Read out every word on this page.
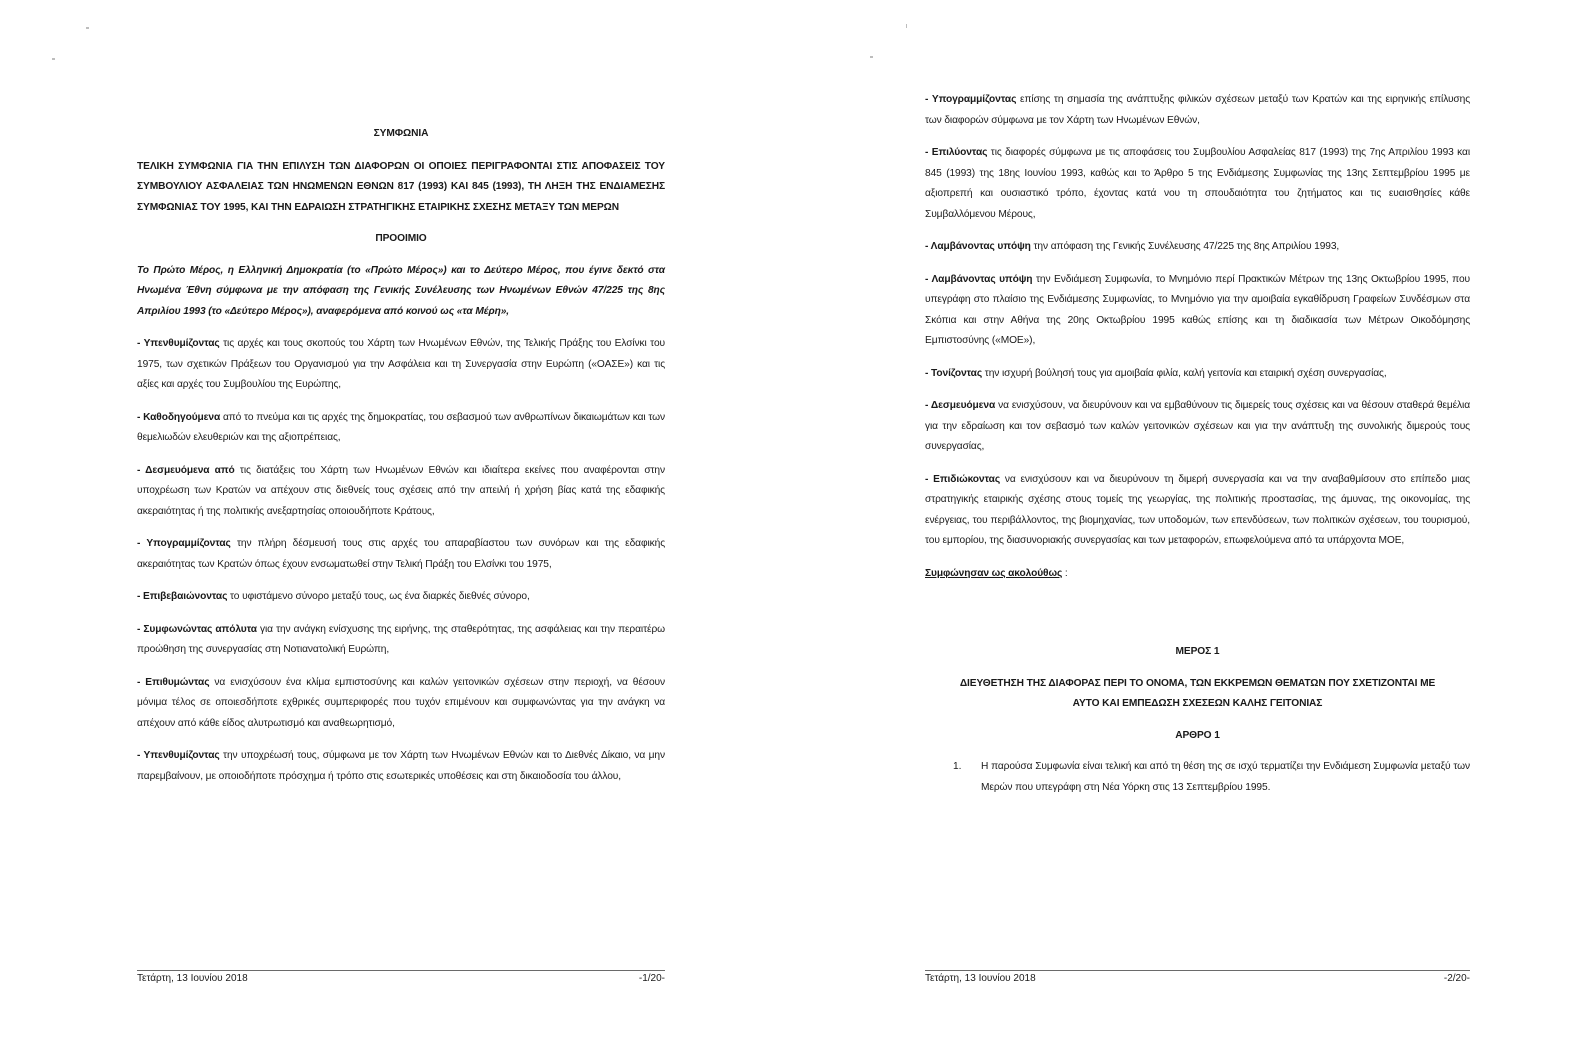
ΣΥΜΦΩΝΙΑ

ΤΕΛΙΚΗ ΣΥΜΦΩΝΙΑ ΓΙΑ ΤΗΝ ΕΠΙΛΥΣΗ ΤΩΝ ΔΙΑΦΟΡΩΝ ΟΙ ΟΠΟΙΕΣ ΠΕΡΙΓΡΑΦΟΝΤΑΙ ΣΤΙΣ ΑΠΟΦΑΣΕΙΣ ΤΟΥ ΣΥΜΒΟΥΛΙΟΥ ΑΣΦΑΛΕΙΑΣ ΤΩΝ ΗΝΩΜΕΝΩΝ ΕΘΝΩΝ 817 (1993) ΚΑΙ 845 (1993), ΤΗ ΛΗΞΗ ΤΗΣ ΕΝΔΙΑΜΕΣΗΣ ΣΥΜΦΩΝΙΑΣ ΤΟΥ 1995, ΚΑΙ ΤΗΝ ΕΔΡΑΙΩΣΗ ΣΤΡΑΤΗΓΙΚΗΣ ΕΤΑΙΡΙΚΗΣ ΣΧΕΣΗΣ ΜΕΤΑΞΥ ΤΩΝ ΜΕΡΩΝ

ΠΡΟΟΙΜΙΟ

Το Πρώτο Μέρος, η Ελληνική Δημοκρατία (το «Πρώτο Μέρος») και το Δεύτερο Μέρος, που έγινε δεκτό στα Ηνωμένα Έθνη σύμφωνα με την απόφαση της Γενικής Συνέλευσης των Ηνωμένων Εθνών 47/225 της 8ης Απριλίου 1993 (το «Δεύτερο Μέρος»), αναφερόμενα από κοινού ως «τα Μέρη»,

- Υπενθυμίζοντας τις αρχές και τους σκοπούς του Χάρτη των Ηνωμένων Εθνών, της Τελικής Πράξης του Ελσίνκι του 1975, των σχετικών Πράξεων του Οργανισμού για την Ασφάλεια και τη Συνεργασία στην Ευρώπη («ΟΑΣΕ») και τις αξίες και αρχές του Συμβουλίου της Ευρώπης,

- Καθοδηγούμενα από το πνεύμα και τις αρχές της δημοκρατίας, του σεβασμού των ανθρωπίνων δικαιωμάτων και των θεμελιωδών ελευθεριών και της αξιοπρέπειας,

- Δεσμευόμενα από τις διατάξεις του Χάρτη των Ηνωμένων Εθνών και ιδιαίτερα εκείνες που αναφέρονται στην υποχρέωση των Κρατών να απέχουν στις διεθνείς τους σχέσεις από την απειλή ή χρήση βίας κατά της εδαφικής ακεραιότητας ή της πολιτικής ανεξαρτησίας οποιουδήποτε Κράτους,

- Υπογραμμίζοντας την πλήρη δέσμευσή τους στις αρχές του απαραβίαστου των συνόρων και της εδαφικής ακεραιότητας των Κρατών όπως έχουν ενσωματωθεί στην Τελική Πράξη του Ελσίνκι του 1975,

- Επιβεβαιώνοντας το υφιστάμενο σύνορο μεταξύ τους, ως ένα διαρκές διεθνές σύνορο,

- Συμφωνώντας απόλυτα για την ανάγκη ενίσχυσης της ειρήνης, της σταθερότητας, της ασφάλειας και την περαιτέρω προώθηση της συνεργασίας στη Νοτιανατολική Ευρώπη,

- Επιθυμώντας να ενισχύσουν ένα κλίμα εμπιστοσύνης και καλών γειτονικών σχέσεων στην περιοχή, να θέσουν μόνιμα τέλος σε οποιεσδήποτε εχθρικές συμπεριφορές που τυχόν επιμένουν και συμφωνώντας για την ανάγκη να απέχουν από κάθε είδος αλυτρωτισμό και αναθεωρητισμό,

- Υπενθυμίζοντας την υποχρέωσή τους, σύμφωνα με τον Χάρτη των Ηνωμένων Εθνών και το Διεθνές Δίκαιο, να μην παρεμβαίνουν, με οποιοδήποτε πρόσχημα ή τρόπο στις εσωτερικές υποθέσεις και στη δικαιοδοσία του άλλου,

Τετάρτη, 13 Ιουνίου 2018	-1/20-

- Υπογραμμίζοντας επίσης τη σημασία της ανάπτυξης φιλικών σχέσεων μεταξύ των Κρατών και της ειρηνικής επίλυσης των διαφορών σύμφωνα με τον Χάρτη των Ηνωμένων Εθνών,

- Επιλύοντας τις διαφορές σύμφωνα με τις αποφάσεις του Συμβουλίου Ασφαλείας 817 (1993) της 7ης Απριλίου 1993 και 845 (1993) της 18ης Ιουνίου 1993, καθώς και το Άρθρο 5 της Ενδιάμεσης Συμφωνίας της 13ης Σεπτεμβρίου 1995 με αξιοπρεπή και ουσιαστικό τρόπο, έχοντας κατά νου τη σπουδαιότητα του ζητήματος και τις ευαισθησίες κάθε Συμβαλλόμενου Μέρους,

- Λαμβάνοντας υπόψη την απόφαση της Γενικής Συνέλευσης 47/225 της 8ης Απριλίου 1993,

- Λαμβάνοντας υπόψη την Ενδιάμεση Συμφωνία, το Μνημόνιο περί Πρακτικών Μέτρων της 13ης Οκτωβρίου 1995, που υπεγράφη στο πλαίσιο της Ενδιάμεσης Συμφωνίας, το Μνημόνιο για την αμοιβαία εγκαθίδρυση Γραφείων Συνδέσμων στα Σκόπια και στην Αθήνα της 20ης Οκτωβρίου 1995 καθώς επίσης και τη διαδικασία των Μέτρων Οικοδόμησης Εμπιστοσύνης («ΜΟΕ»),

- Τονίζοντας την ισχυρή βούλησή τους για αμοιβαία φιλία, καλή γειτονία και εταιρική σχέση συνεργασίας,

- Δεσμευόμενα να ενισχύσουν, να διευρύνουν και να εμβαθύνουν τις διμερείς τους σχέσεις και να θέσουν σταθερά θεμέλια για την εδραίωση και τον σεβασμό των καλών γειτονικών σχέσεων και για την ανάπτυξη της συνολικής διμερούς τους συνεργασίας,

- Επιδιώκοντας να ενισχύσουν και να διευρύνουν τη διμερή συνεργασία και να την αναβαθμίσουν στο επίπεδο μιας στρατηγικής εταιρικής σχέσης στους τομείς της γεωργίας, της πολιτικής προστασίας, της άμυνας, της οικονομίας, της ενέργειας, του περιβάλλοντος, της βιομηχανίας, των υποδομών, των επενδύσεων, των πολιτικών σχέσεων, του τουρισμού, του εμπορίου, της διασυνοριακής συνεργασίας και των μεταφορών, επωφελούμενα από τα υπάρχοντα ΜΟΕ,

Συμφώνησαν ως ακολούθως :

ΜΕΡΟΣ 1

ΔΙΕΥΘΕΤΗΣΗ ΤΗΣ ΔΙΑΦΟΡΑΣ ΠΕΡΙ ΤΟ ΟΝΟΜΑ, ΤΩΝ ΕΚΚΡΕΜΩΝ ΘΕΜΑΤΩΝ ΠΟΥ ΣΧΕΤΙΖΟΝΤΑΙ ΜΕ ΑΥΤΟ ΚΑΙ ΕΜΠΕΔΩΣΗ ΣΧΕΣΕΩΝ ΚΑΛΗΣ ΓΕΙΤΟΝΙΑΣ

ΑΡΘΡΟ 1

1.	Η παρούσα Συμφωνία είναι τελική και από τη θέση της σε ισχύ τερματίζει την Ενδιάμεση Συμφωνία μεταξύ των Μερών που υπεγράφη στη Νέα Υόρκη στις 13 Σεπτεμβρίου 1995.
Τετάρτη, 13 Ιουνίου 2018	-2/20-
